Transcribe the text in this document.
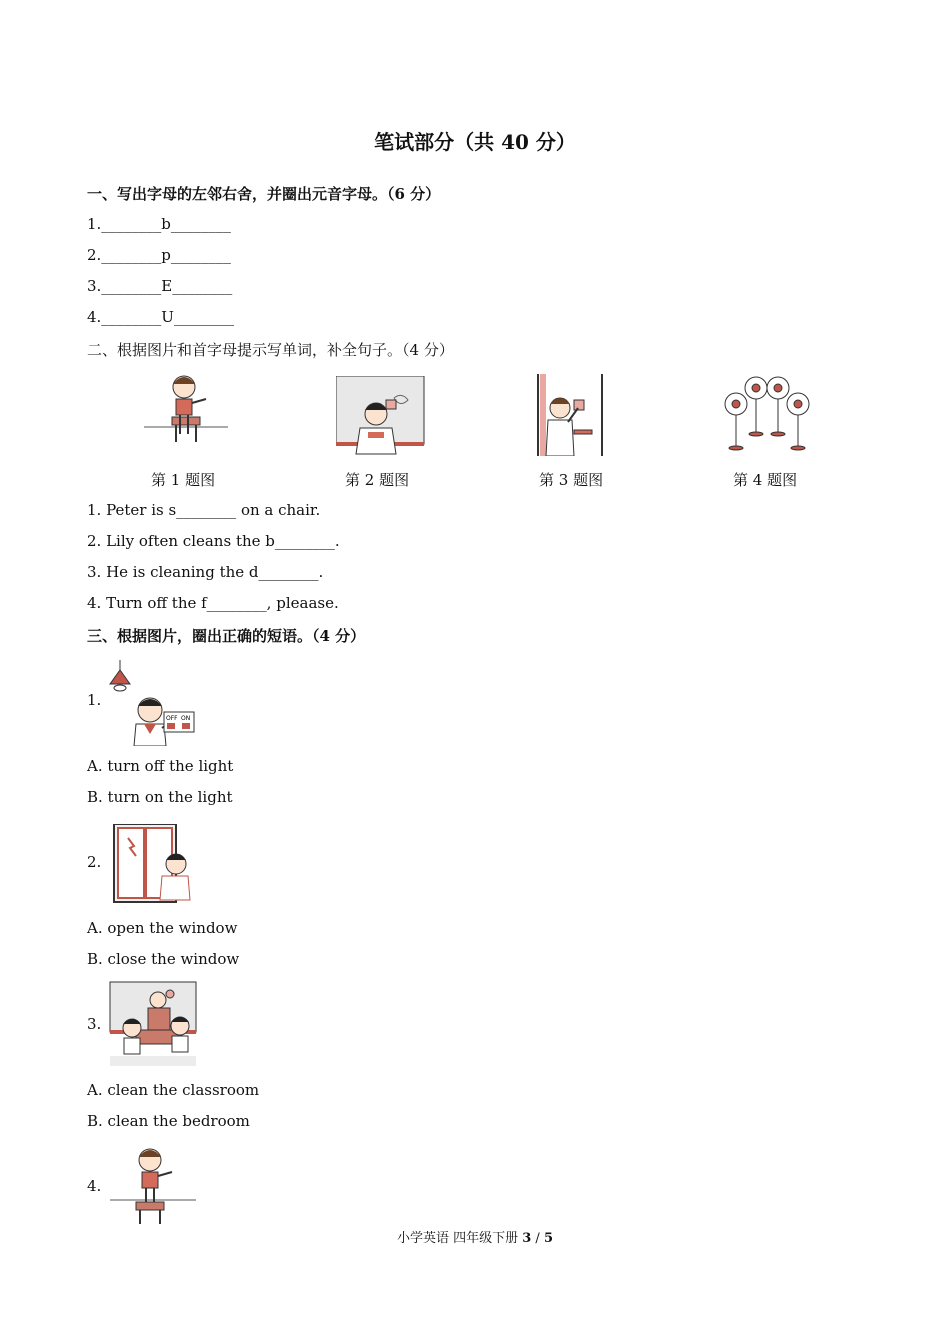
笔试部分（共 40 分）
一、写出字母的左邻右舍，并圈出元音字母。（6 分）
1.________b________
2.________p________
3.________E________
4.________U________
二、根据图片和首字母提示写单词，补全句子。（4 分）
第 1 题图	第 2 题图	第 3 题图	第 4 题图
1. Peter is s________ on a chair.
2. Lily often cleans the b________.
3. He is cleaning the d________.
4. Turn off the f________, pleaase.
三、根据图片，圈出正确的短语。（4 分）
1.
OFF ON
A. turn off the light
B. turn on the light
2.
A. open the window
B. close the window
3.
A. clean the classroom
B. clean the bedroom
4.
小学英语 四年级下册 3 / 5
